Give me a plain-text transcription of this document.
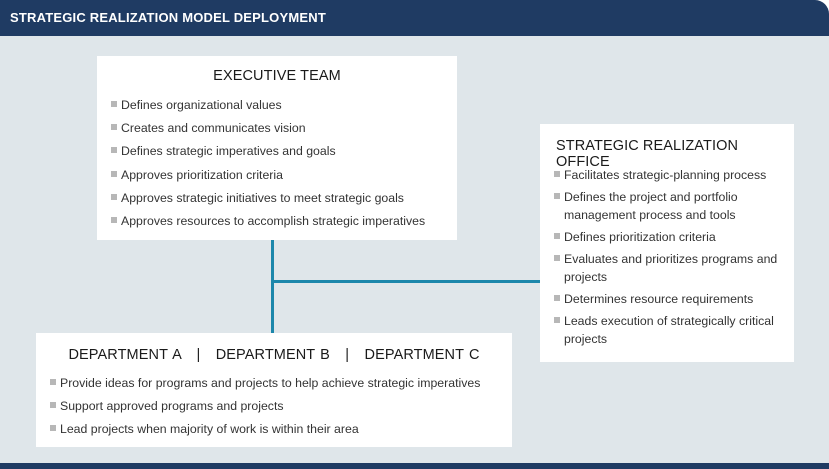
STRATEGIC REALIZATION MODEL DEPLOYMENT
EXECUTIVE TEAM
Defines organizational values
Creates and communicates vision
Defines strategic imperatives and goals
Approves prioritization criteria
Approves strategic initiatives to meet strategic goals
Approves resources to accomplish strategic imperatives
STRATEGIC REALIZATION OFFICE
Facilitates strategic-planning process
Defines the project and portfolio management process and tools
Defines prioritization criteria
Evaluates and prioritizes programs and projects
Determines resource requirements
Leads execution of strategically critical projects
DEPARTMENT A   |   DEPARTMENT B   |   DEPARTMENT C
Provide ideas for programs and projects to help achieve strategic imperatives
Support approved programs and projects
Lead projects when majority of work is within their area
